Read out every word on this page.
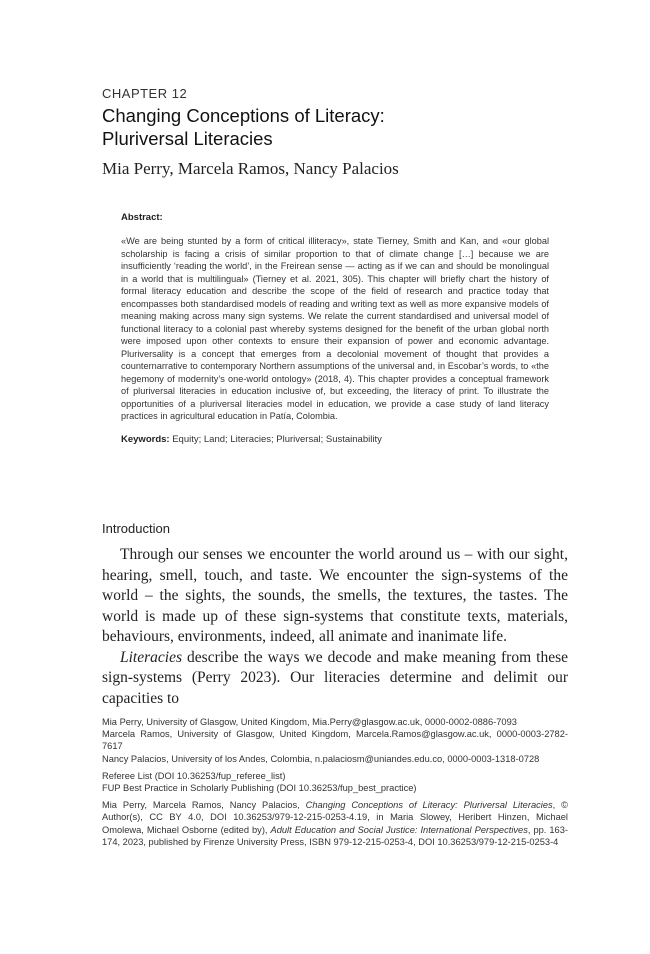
CHAPTER 12
Changing Conceptions of Literacy:
Pluriversal Literacies
Mia Perry, Marcela Ramos, Nancy Palacios

Abstract:

«We are being stunted by a form of critical illiteracy», state Tierney, Smith and Kan, and «our global scholarship is facing a crisis of similar proportion to that of climate change […] because we are insufficiently ‘reading the world’, in the Freirean sense — acting as if we can and should be monolingual in a world that is multilingual» (Tierney et al. 2021, 305). This chapter will briefly chart the history of formal literacy education and describe the scope of the field of research and practice today that encompasses both standardised models of reading and writing text as well as more expansive models of meaning making across many sign systems. We relate the current standardised and universal model of functional literacy to a colonial past whereby systems designed for the benefit of the urban global north were imposed upon other contexts to ensure their expansion of power and economic advantage. Pluriversality is a concept that emerges from a decolonial movement of thought that provides a counternarrative to contemporary Northern assumptions of the universal and, in Escobar’s words, to «the hegemony of modernity’s one-world ontology» (2018, 4). This chapter provides a conceptual framework of pluriversal literacies in education inclusive of, but exceeding, the literacy of print. To illustrate the opportunities of a pluriversal literacies model in education, we provide a case study of land literacy practices in agricultural education in Patía, Colombia.

Keywords: Equity; Land; Literacies; Pluriversal; Sustainability
Introduction

Through our senses we encounter the world around us – with our sight, hearing, smell, touch, and taste. We encounter the sign-systems of the world – the sights, the sounds, the smells, the textures, the tastes. The world is made up of these sign-systems that constitute texts, materials, behaviours, environments, indeed, all animate and inanimate life.

Literacies describe the ways we decode and make meaning from these sign-systems (Perry 2023). Our literacies determine and delimit our capacities to

Mia Perry, University of Glasgow, United Kingdom, Mia.Perry@glasgow.ac.uk, 0000-0002-0886-7093

Marcela Ramos, University of Glasgow, United Kingdom, Marcela.Ramos@glasgow.ac.uk, 0000-0003-2782-7617

Nancy Palacios, University of los Andes, Colombia, n.palaciosm@uniandes.edu.co, 0000-0003-1318-0728

Referee List (DOI 10.36253/fup_referee_list)

FUP Best Practice in Scholarly Publishing (DOI 10.36253/fup_best_practice)

Mia Perry, Marcela Ramos, Nancy Palacios, Changing Conceptions of Literacy: Pluriversal Literacies, © Author(s), CC BY 4.0, DOI 10.36253/979-12-215-0253-4.19, in Maria Slowey, Heribert Hinzen, Michael Omolewa, Michael Osborne (edited by), Adult Education and Social Justice: International Perspectives, pp. 163-174, 2023, published by Firenze University Press, ISBN 979-12-215-0253-4, DOI 10.36253/979-12-215-0253-4
